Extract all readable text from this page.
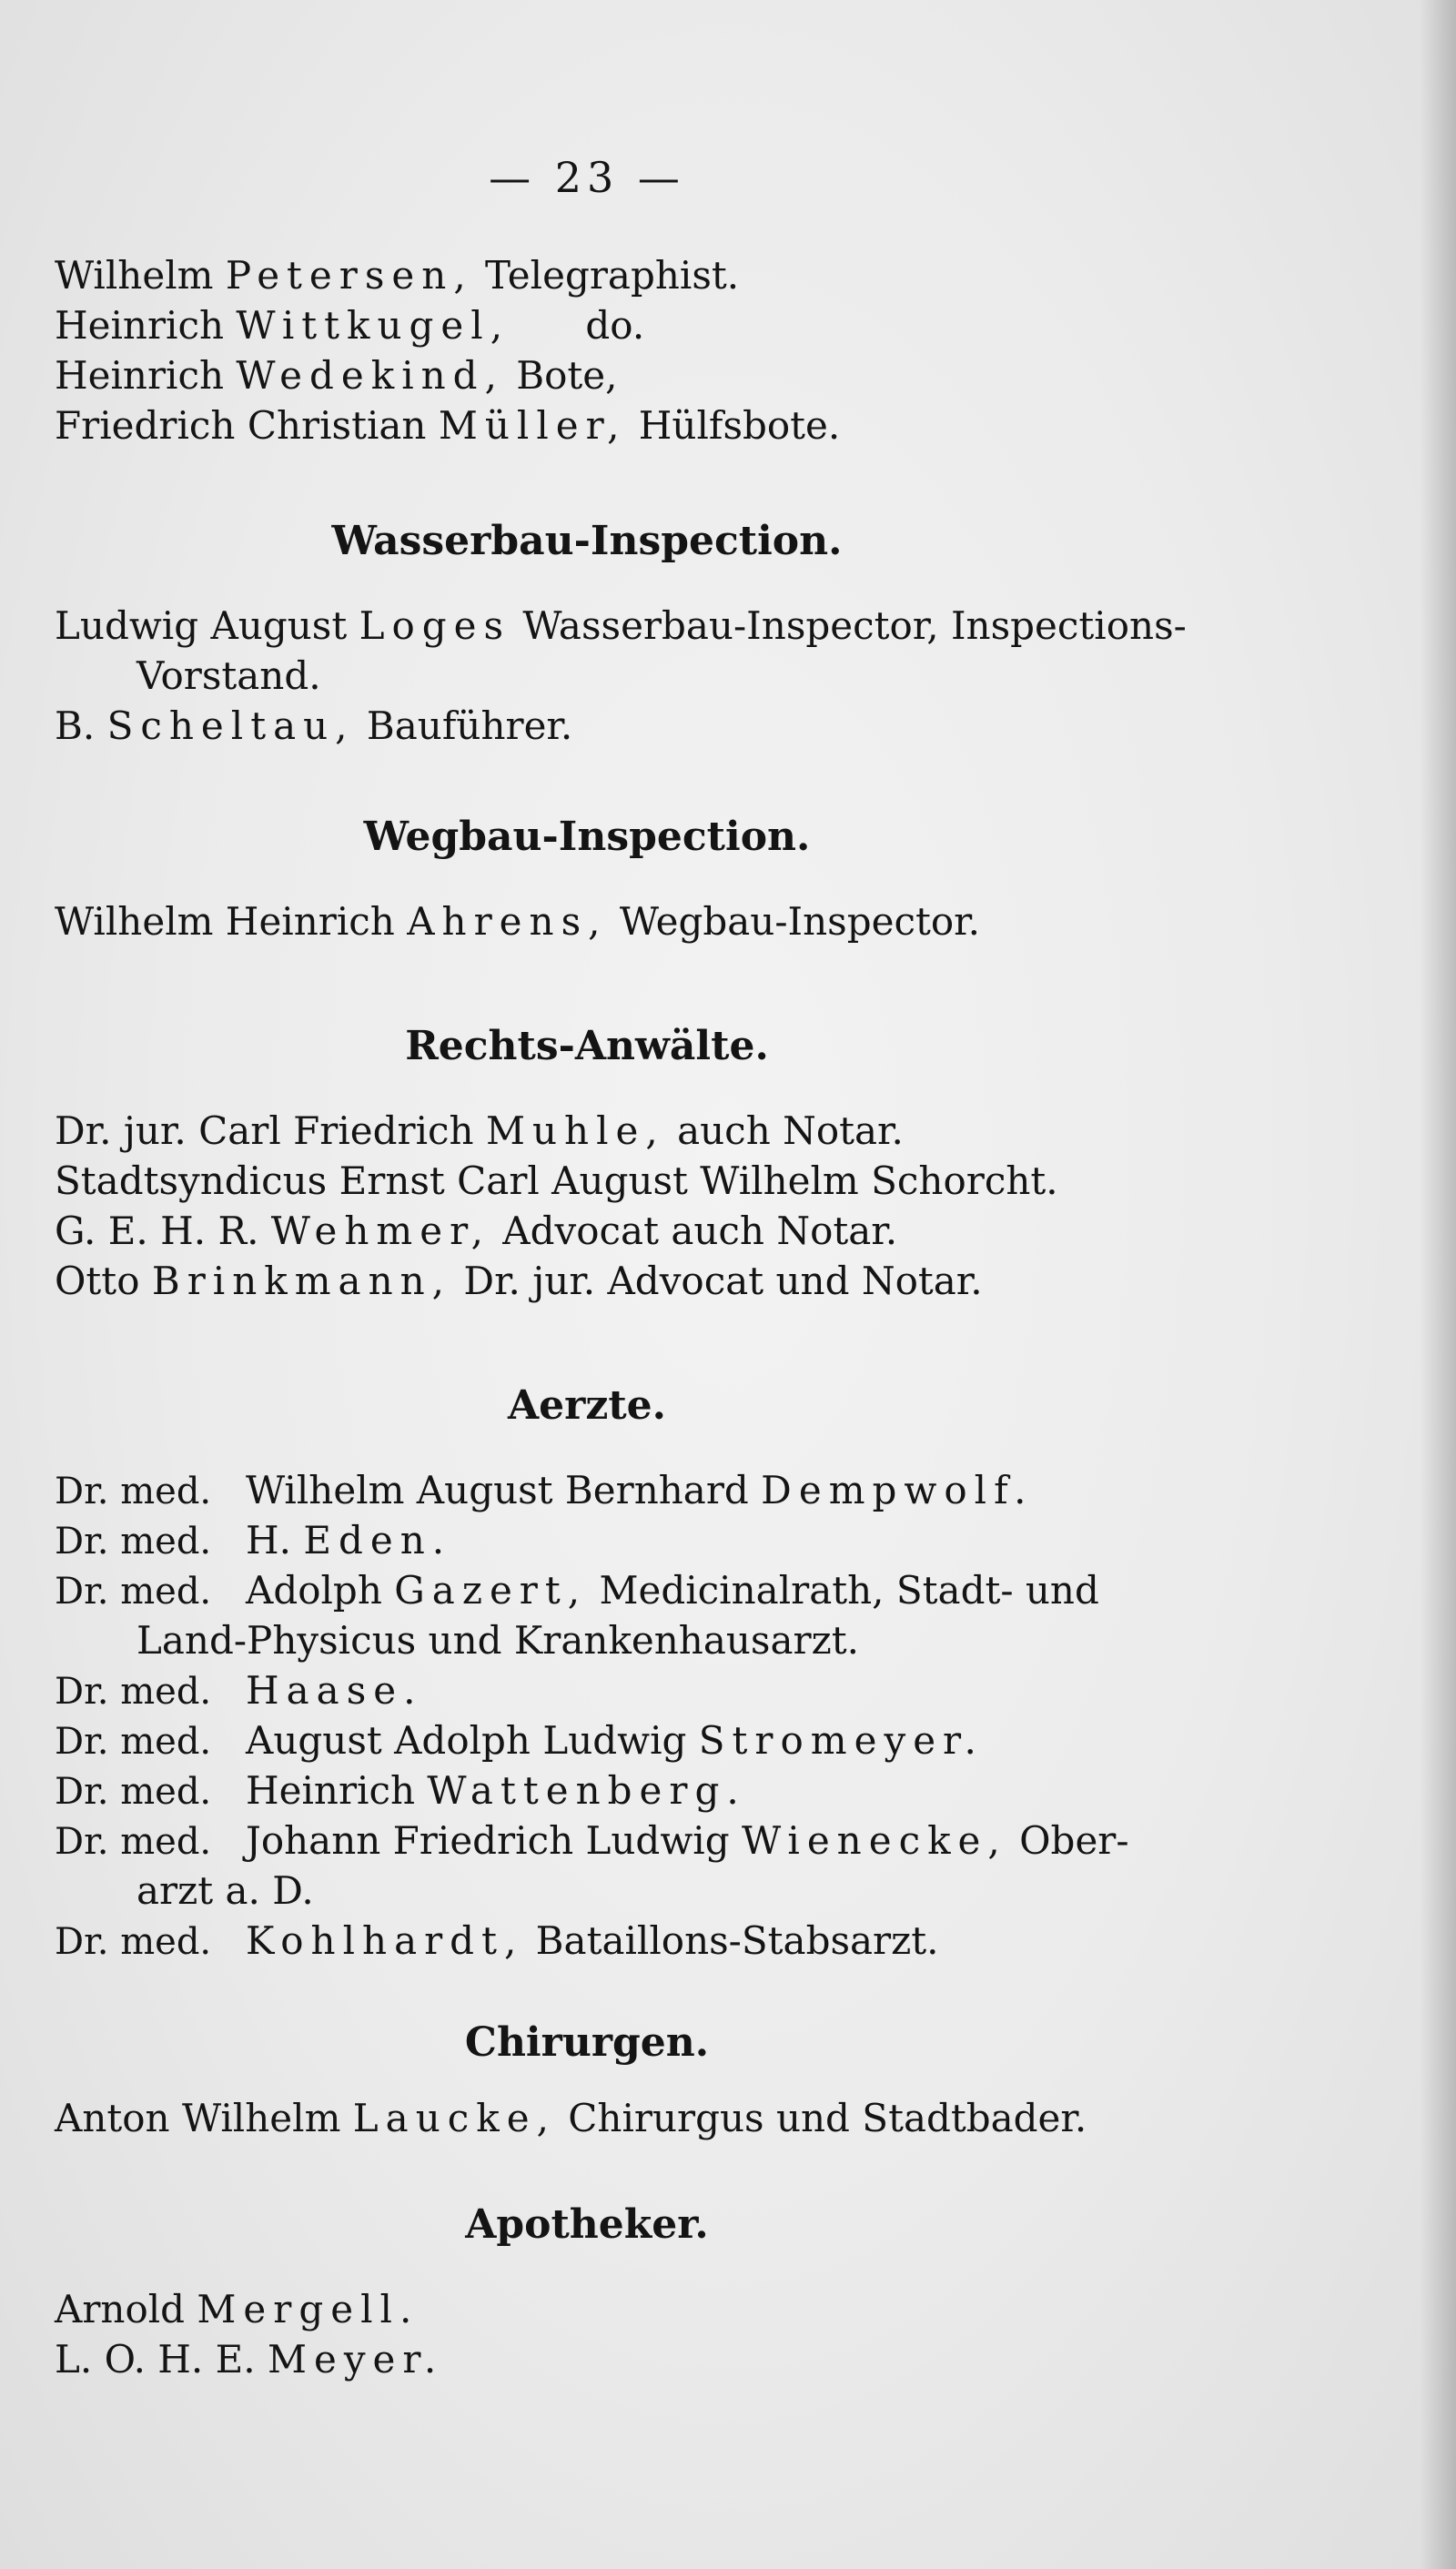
— 23 —
Wilhelm Petersen, Telegraphist.
Heinrich Wittkugel, do.
Heinrich Wedekind, Bote,
Friedrich Christian Müller, Hülfsbote.
Wasserbau-Inspection.
Ludwig August Loges Wasserbau-Inspector, Inspections-
Vorstand.
B. Scheltau, Bauführer.
Wegbau-Inspection.
Wilhelm Heinrich Ahrens, Wegbau-Inspector.
Rechts-Anwälte.
Dr. jur. Carl Friedrich Muhle, auch Notar.
Stadtsyndicus Ernst Carl August Wilhelm Schorcht.
G. E. H. R. Wehmer, Advocat auch Notar.
Otto Brinkmann, Dr. jur. Advocat und Notar.
Aerzte.
Dr. med. Wilhelm August Bernhard Dempwolf.
Dr. med. H. Eden.
Dr. med. Adolph Gazert, Medicinalrath, Stadt- und
Land-Physicus und Krankenhausarzt.
Dr. med. Haase.
Dr. med. August Adolph Ludwig Stromeyer.
Dr. med. Heinrich Wattenberg.
Dr. med. Johann Friedrich Ludwig Wienecke, Ober-
arzt a. D.
Dr. med. Kohlhardt, Bataillons-Stabsarzt.
Chirurgen.
Anton Wilhelm Laucke, Chirurgus und Stadtbader.
Apotheker.
Arnold Mergell.
L. O. H. E. Meyer.
